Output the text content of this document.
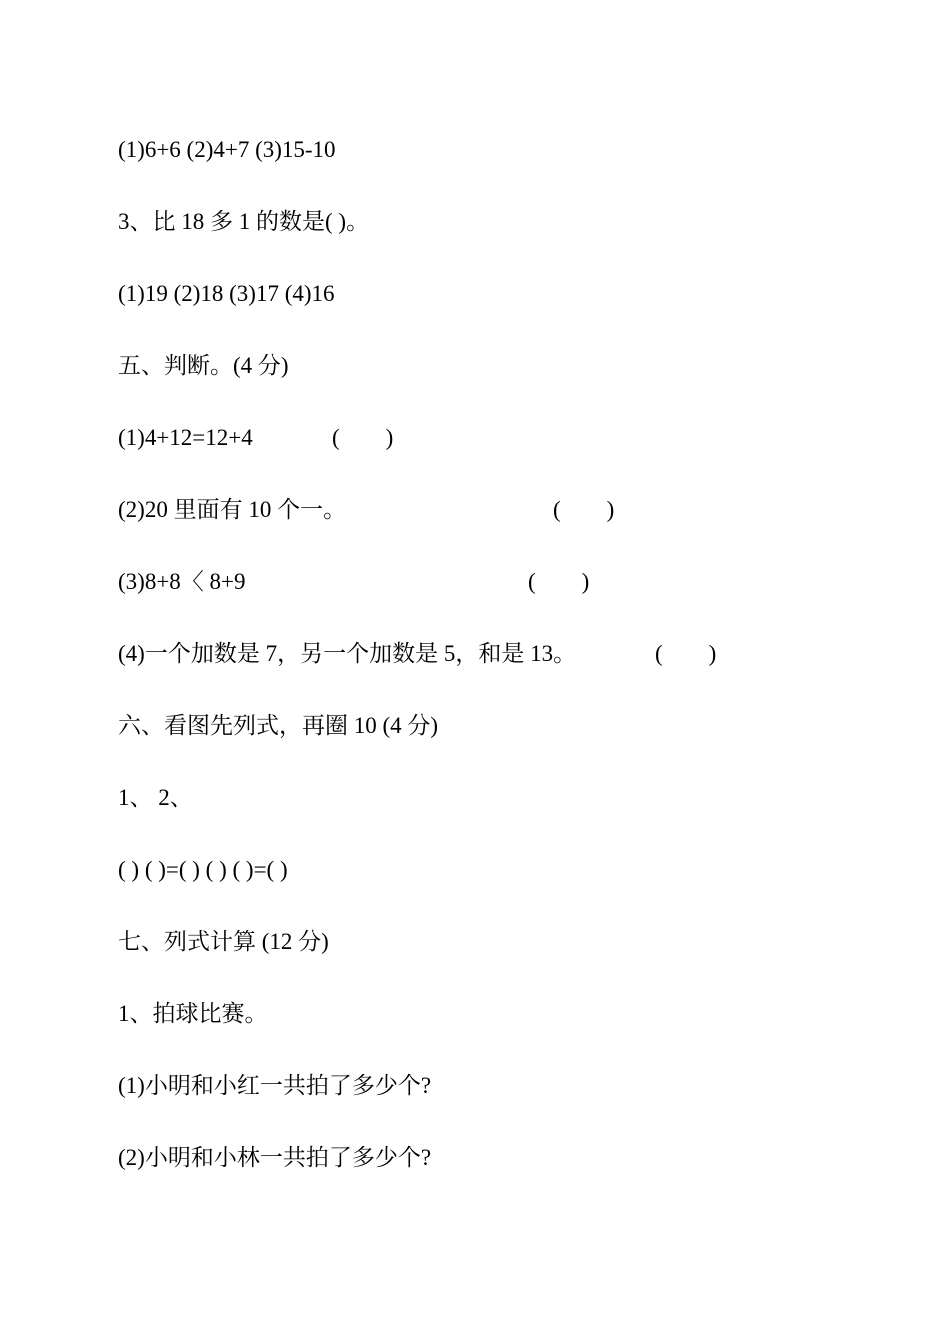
(1)6+6 (2)4+7 (3)15-10
3、比 18 多 1 的数是( )。
(1)19 (2)18 (3)17 (4)16
五、判断。(4 分)
(1)4+12=12+4	(        )
(2)20 里面有 10 个一。	(        )
(3)8+8〈 8+9	(        )
(4)一个加数是 7，另一个加数是 5，和是 13。	(        )
六、看图先列式，再圈 10 (4 分)
1、 2、
( ) ( )=( ) ( ) ( )=( )
七、列式计算 (12 分)
1、拍球比赛。
(1)小明和小红一共拍了多少个?
(2)小明和小林一共拍了多少个?
